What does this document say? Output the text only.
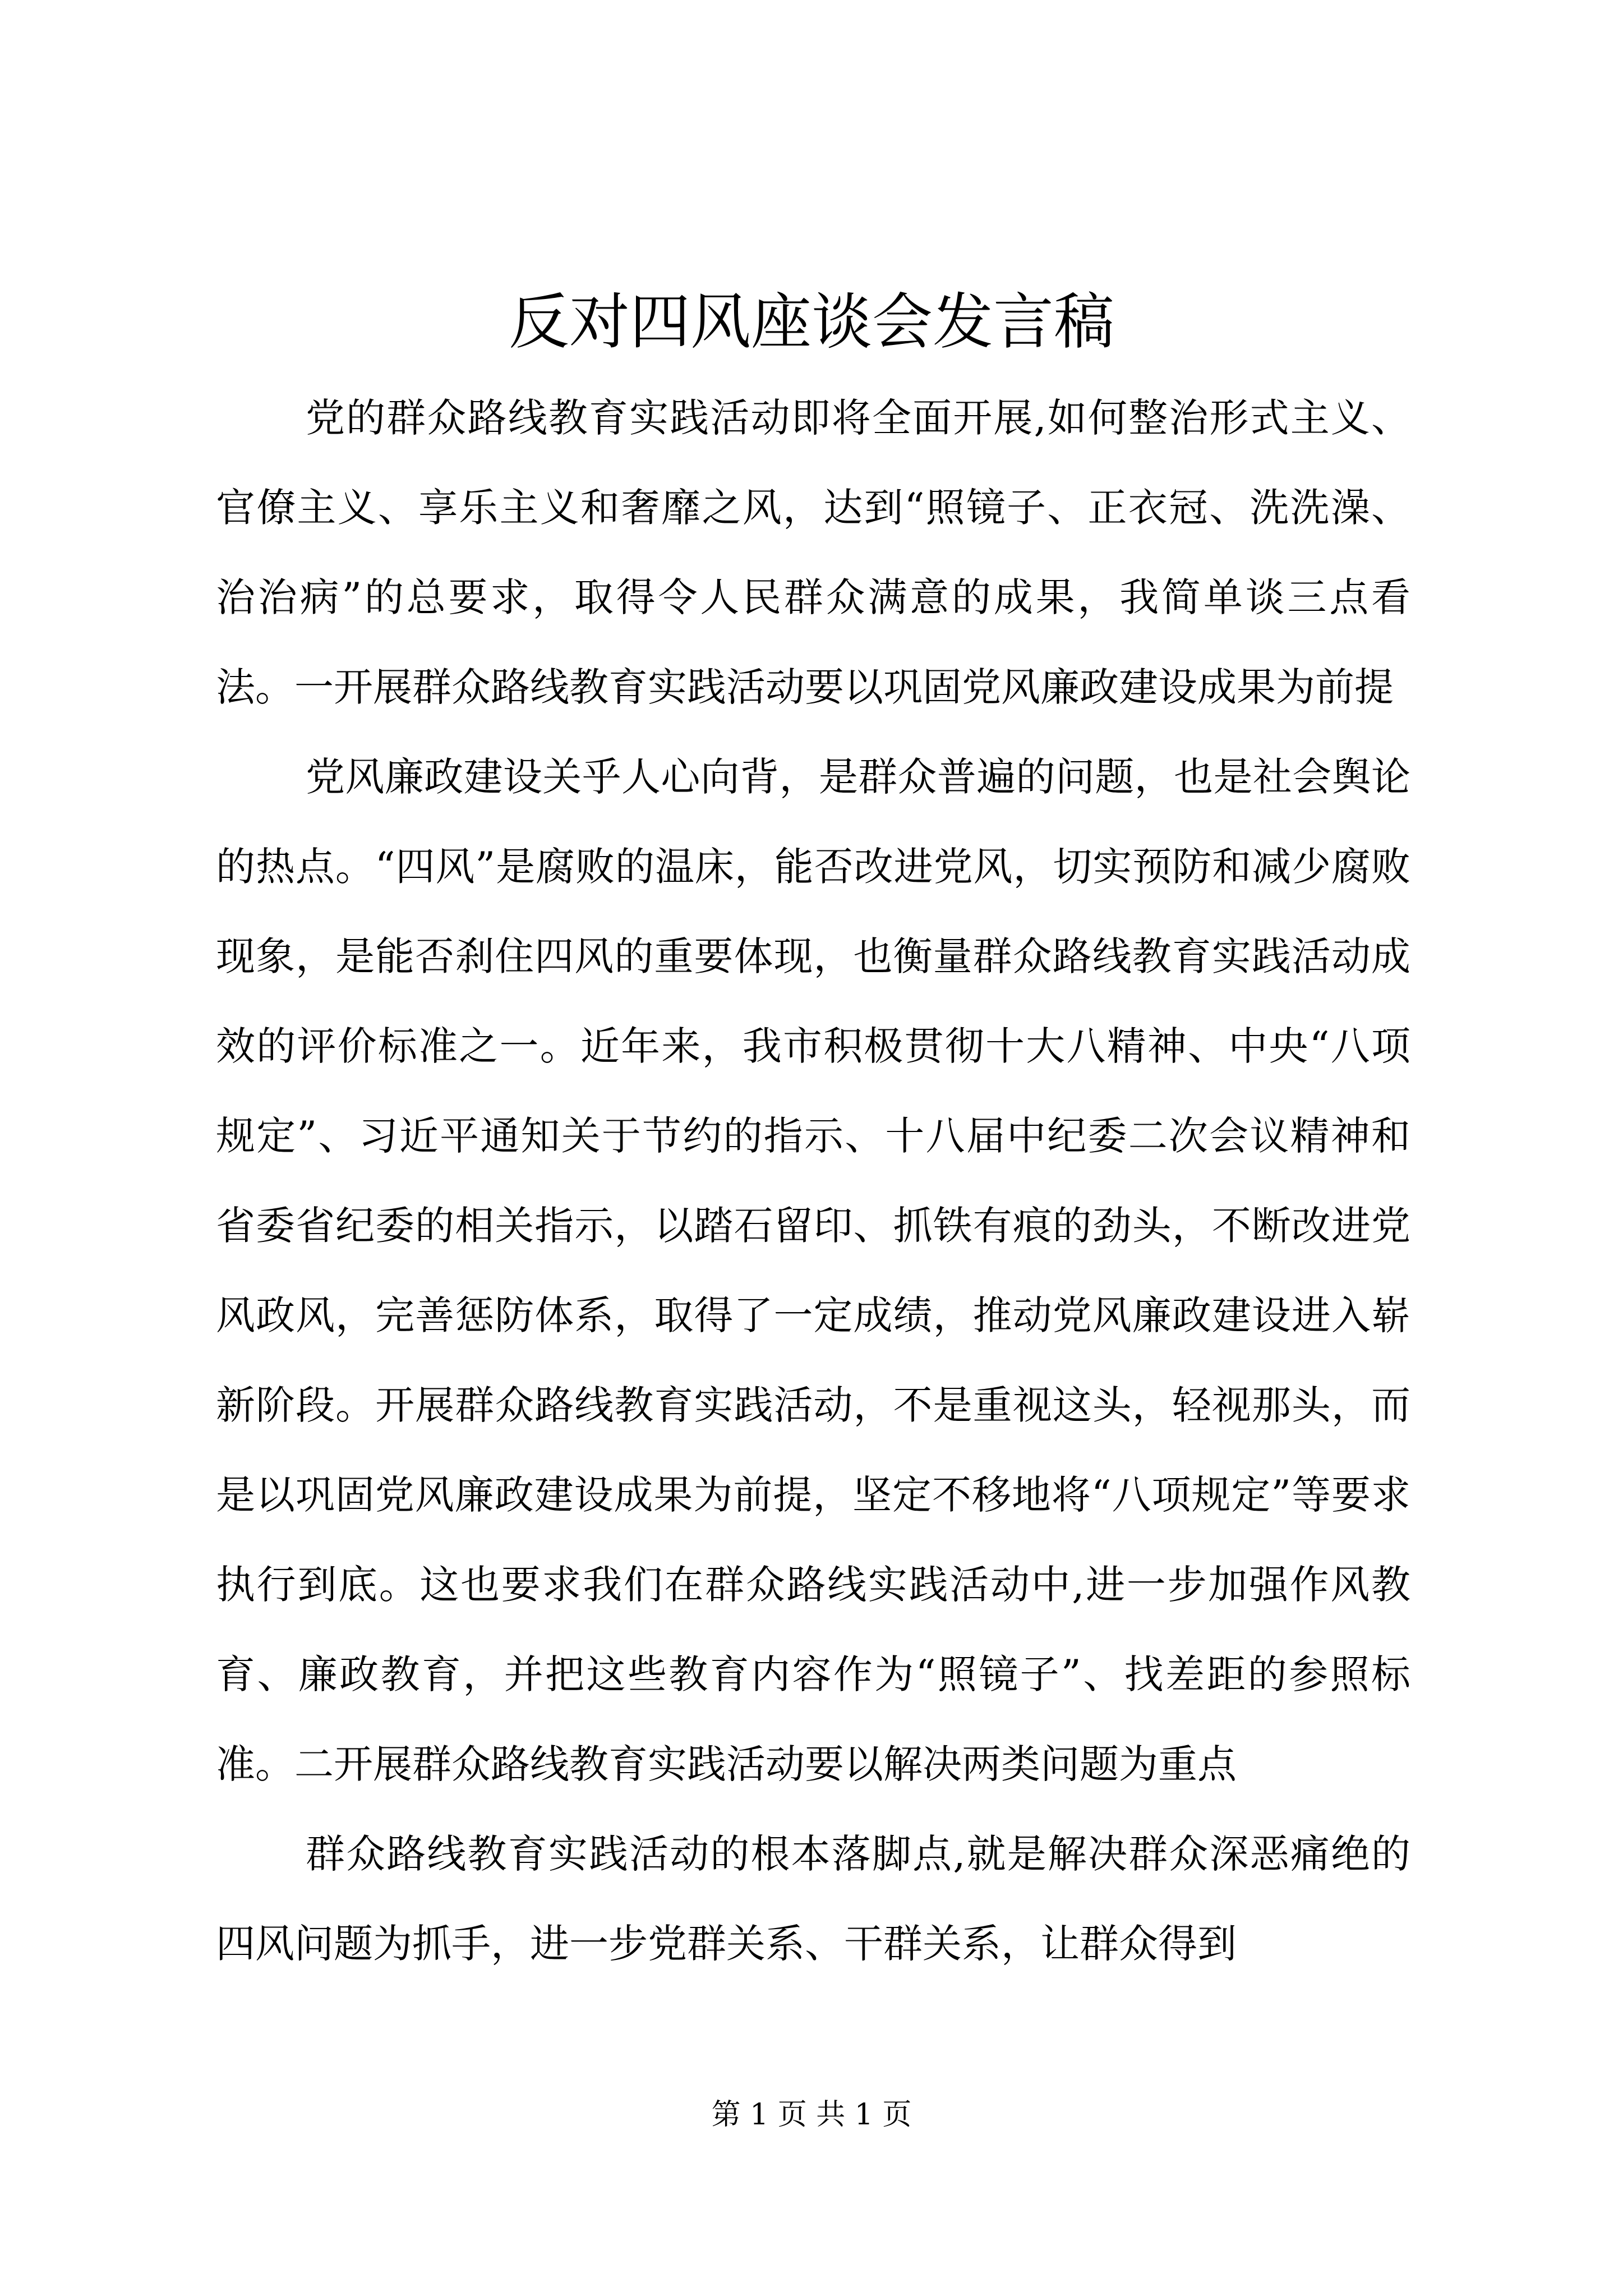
反对四风座谈会发言稿

党的群众路线教育实践活动即将全面开展,如何整治形式主义、官僚主义、享乐主义和奢靡之风，达到“照镜子、正衣冠、洗洗澡、治治病”的总要求，取得令人民群众满意的成果，我简单谈三点看法。一开展群众路线教育实践活动要以巩固党风廉政建设成果为前提

党风廉政建设关乎人心向背，是群众普遍的问题，也是社会舆论的热点。“四风”是腐败的温床，能否改进党风，切实预防和减少腐败现象，是能否刹住四风的重要体现，也衡量群众路线教育实践活动成效的评价标准之一。近年来，我市积极贯彻十大八精神、中央“八项规定”、习近平通知关于节约的指示、十八届中纪委二次会议精神和省委省纪委的相关指示，以踏石留印、抓铁有痕的劲头，不断改进党风政风，完善惩防体系，取得了一定成绩，推动党风廉政建设进入崭新阶段。开展群众路线教育实践活动，不是重视这头，轻视那头，而是以巩固党风廉政建设成果为前提，坚定不移地将“八项规定”等要求执行到底。这也要求我们在群众路线实践活动中,进一步加强作风教育、廉政教育，并把这些教育内容作为“照镜子”、找差距的参照标准。二开展群众路线教育实践活动要以解决两类问题为重点

群众路线教育实践活动的根本落脚点,就是解决群众深恶痛绝的四风问题为抓手，进一步党群关系、干群关系，让群众得到

第 1 页 共 1 页
